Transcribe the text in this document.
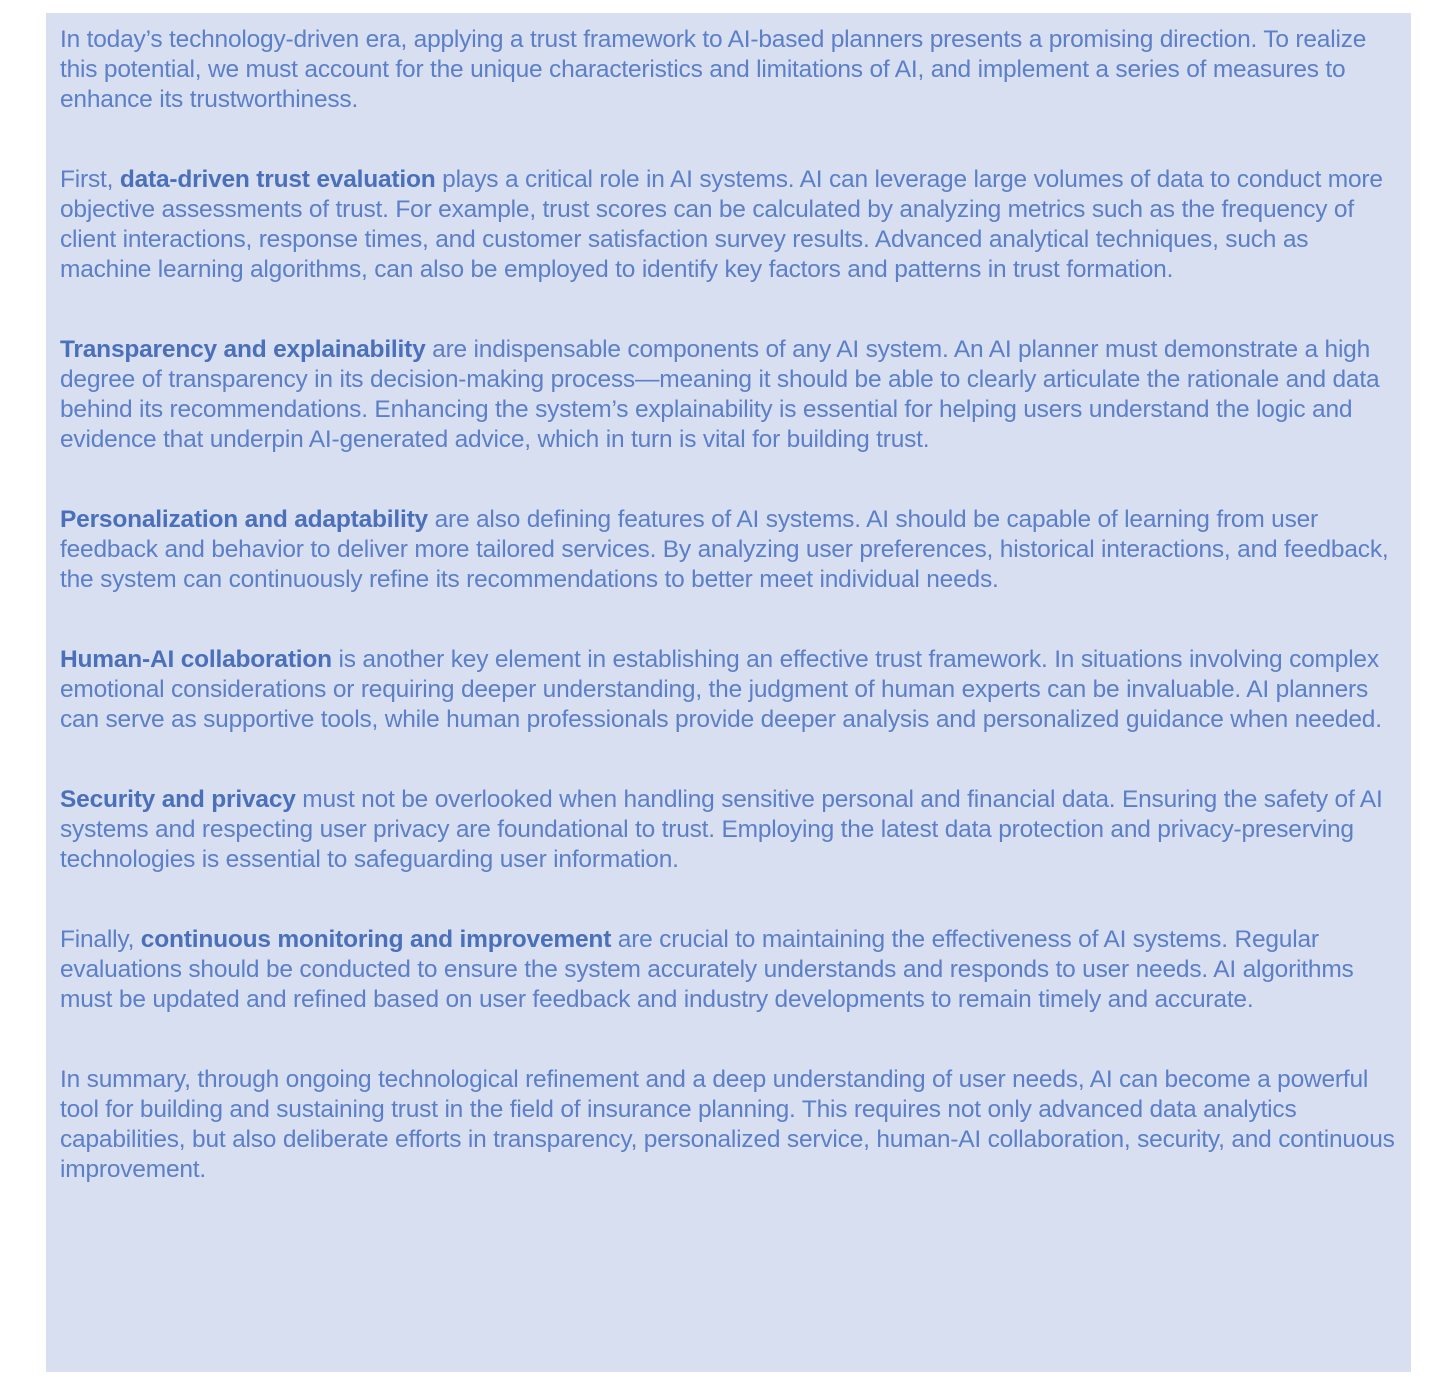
In today’s technology-driven era, applying a trust framework to AI-based planners presents a promising direction. To realize this potential, we must account for the unique characteristics and limitations of AI, and implement a series of measures to enhance its trustworthiness.

First, data-driven trust evaluation plays a critical role in AI systems. AI can leverage large volumes of data to conduct more objective assessments of trust. For example, trust scores can be calculated by analyzing metrics such as the frequency of client interactions, response times, and customer satisfaction survey results. Advanced analytical techniques, such as machine learning algorithms, can also be employed to identify key factors and patterns in trust formation.

Transparency and explainability are indispensable components of any AI system. An AI planner must demonstrate a high degree of transparency in its decision-making process—meaning it should be able to clearly articulate the rationale and data behind its recommendations. Enhancing the system’s explainability is essential for helping users understand the logic and evidence that underpin AI-generated advice, which in turn is vital for building trust.

Personalization and adaptability are also defining features of AI systems. AI should be capable of learning from user feedback and behavior to deliver more tailored services. By analyzing user preferences, historical interactions, and feedback, the system can continuously refine its recommendations to better meet individual needs.

Human-AI collaboration is another key element in establishing an effective trust framework. In situations involving complex emotional considerations or requiring deeper understanding, the judgment of human experts can be invaluable. AI planners can serve as supportive tools, while human professionals provide deeper analysis and personalized guidance when needed.

Security and privacy must not be overlooked when handling sensitive personal and financial data. Ensuring the safety of AI systems and respecting user privacy are foundational to trust. Employing the latest data protection and privacy-preserving technologies is essential to safeguarding user information.

Finally, continuous monitoring and improvement are crucial to maintaining the effectiveness of AI systems. Regular evaluations should be conducted to ensure the system accurately understands and responds to user needs. AI algorithms must be updated and refined based on user feedback and industry developments to remain timely and accurate.

In summary, through ongoing technological refinement and a deep understanding of user needs, AI can become a powerful tool for building and sustaining trust in the field of insurance planning. This requires not only advanced data analytics capabilities, but also deliberate efforts in transparency, personalized service, human-AI collaboration, security, and continuous improvement.
